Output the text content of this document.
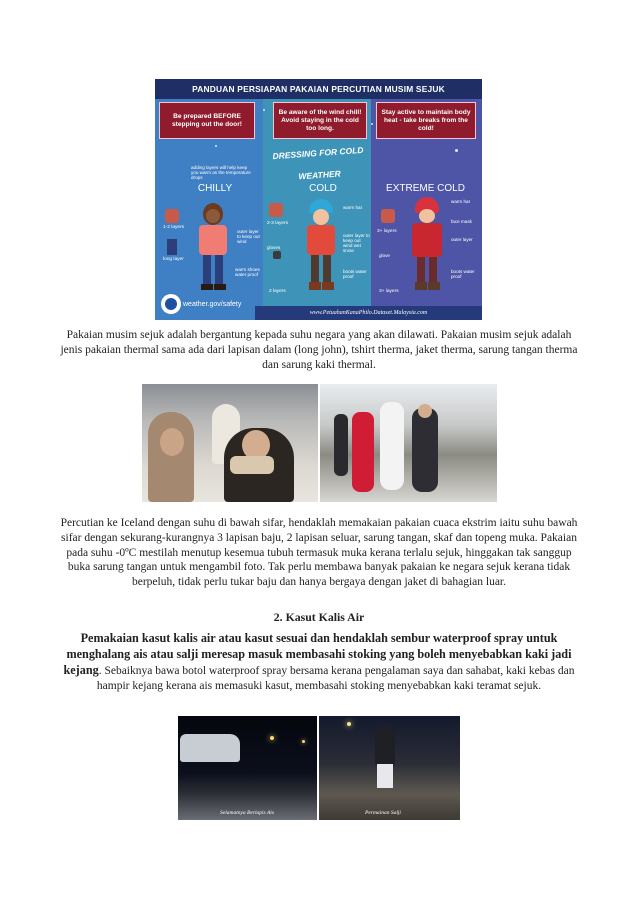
PANDUAN PERSIAPAN PAKAIAN PERCUTIAN MUSIM SEJUK
Be prepared BEFORE stepping out the door!
Be aware of the wind chill! Avoid staying in the cold too long.
Stay active to maintain body heat - take breaks from the cold!
DRESSING FOR COLD WEATHER
adding layers will help keep you warm as the temperature drops
CHILLY	COLD	EXTREME COLD
1-2 layers
long layer
outer layer to keep out wind
warm shoes water proof
2-3 layers
gloves
warm hat
outer layer to keep out wind wet snow
boots water proof
2 layers
3+ layers
glove
warm hat
face mask
outer layer
boots water proof
3+ layers
weather.gov/safety
www.PetuahanKanaPhilo.Dataset.Malaysia.com
Pakaian musim sejuk adalah bergantung kepada suhu negara yang akan dilawati. Pakaian musim sejuk adalah jenis pakaian thermal sama ada dari lapisan dalam (long john), tshirt therma, jaket therma, sarung tangan therma dan sarung kaki thermal.
Percutian ke Iceland dengan suhu di bawah sifar, hendaklah memakaian pakaian cuaca ekstrim iaitu suhu bawah sifar dengan sekurang-kurangnya 3 lapisan baju, 2 lapisan seluar, sarung tangan, skaf dan topeng muka. Pakaian pada suhu -0ºC mestilah menutup kesemua tubuh termasuk muka kerana terlalu sejuk, hinggakan tak sanggup buka sarung tangan untuk mengambil foto. Tak perlu membawa banyak pakaian ke negara sejuk kerana tidak berpeluh, tidak perlu tukar baju dan hanya bergaya dengan jaket di bahagian luar.
2. Kasut Kalis Air
Pemakaian kasut kalis air atau kasut sesuai dan hendaklah sembur waterproof spray untuk menghalang ais atau salji meresap masuk membasahi stoking yang boleh menyebabkan kaki jadi kejang. Sebaiknya bawa botol waterproof spray bersama kerana pengalaman saya dan sahabat, kaki kebas dan hampir kejang kerana ais memasuki kasut, membasahi stoking menyebabkan kaki teramat sejuk.
Selamatnya Berlapis Ais	Permainan Salji
